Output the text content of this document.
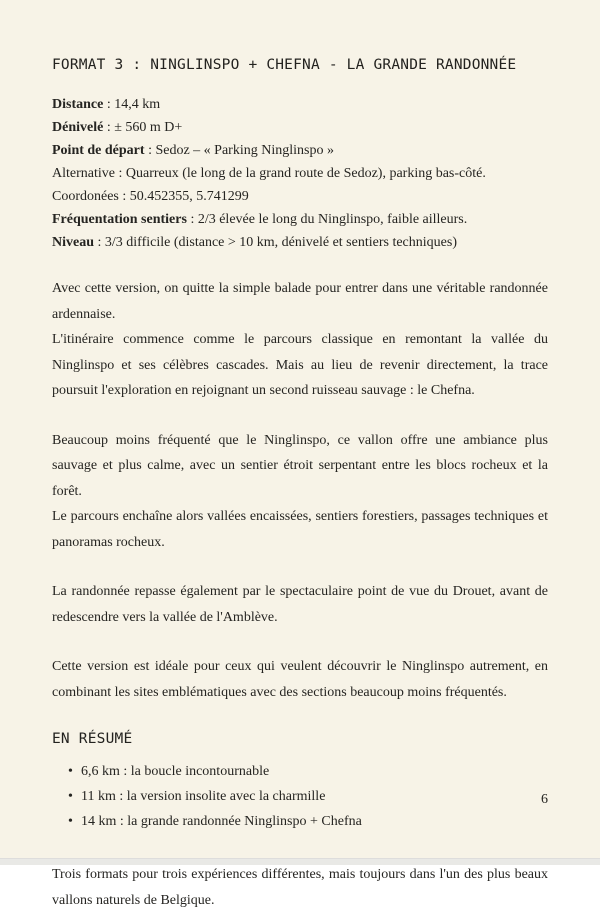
FORMAT 3 : NINGLINSPO + CHEFNA - LA GRANDE RANDONNÉE

Distance : 14,4 km

Dénivelé : ± 560 m D+

Point de départ : Sedoz – « Parking Ninglinspo »

Alternative : Quarreux (le long de la grand route de Sedoz), parking bas-côté.

Coordonées : 50.452355, 5.741299

Fréquentation sentiers : 2/3 élevée le long du Ninglinspo, faible ailleurs.

Niveau : 3/3 difficile (distance > 10 km, dénivelé et sentiers techniques)

Avec cette version, on quitte la simple balade pour entrer dans une véritable randonnée ardennaise.

L'itinéraire commence comme le parcours classique en remontant la vallée du Ninglinspo et ses célèbres cascades. Mais au lieu de revenir directement, la trace poursuit l'exploration en rejoignant un second ruisseau sauvage : le Chefna.

Beaucoup moins fréquenté que le Ninglinspo, ce vallon offre une ambiance plus sauvage et plus calme, avec un sentier étroit serpentant entre les blocs rocheux et la forêt.

Le parcours enchaîne alors vallées encaissées, sentiers forestiers, passages techniques et panoramas rocheux.

La randonnée repasse également par le spectaculaire point de vue du Drouet, avant de redescendre vers la vallée de l'Amblève.

Cette version est idéale pour ceux qui veulent découvrir le Ninglinspo autrement, en combinant les sites emblématiques avec des sections beaucoup moins fréquentés.

EN RÉSUMÉ
• 6,6 km : la boucle incontournable
• 11 km : la version insolite avec la charmille
• 14 km : la grande randonnée Ninglinspo + Chefna

Trois formats pour trois expériences différentes, mais toujours dans l'un des plus beaux vallons naturels de Belgique.

6
